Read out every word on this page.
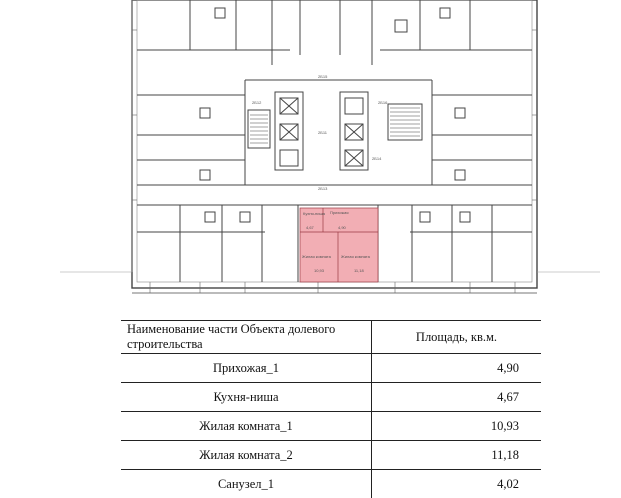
Кухня-ниша Прихожая
4,90
4,67
Жилая комната
10,93
Жилая комната
11,18
2Б12
2Б14
2Б16
2Б11
2Б13
2Б15
Наименование части Объекта долевого строительства	Площадь, кв.м.
Прихожая_1	4,90
Кухня-ниша	4,67
Жилая комната_1	10,93
Жилая комната_2	11,18
Санузел_1	4,02
